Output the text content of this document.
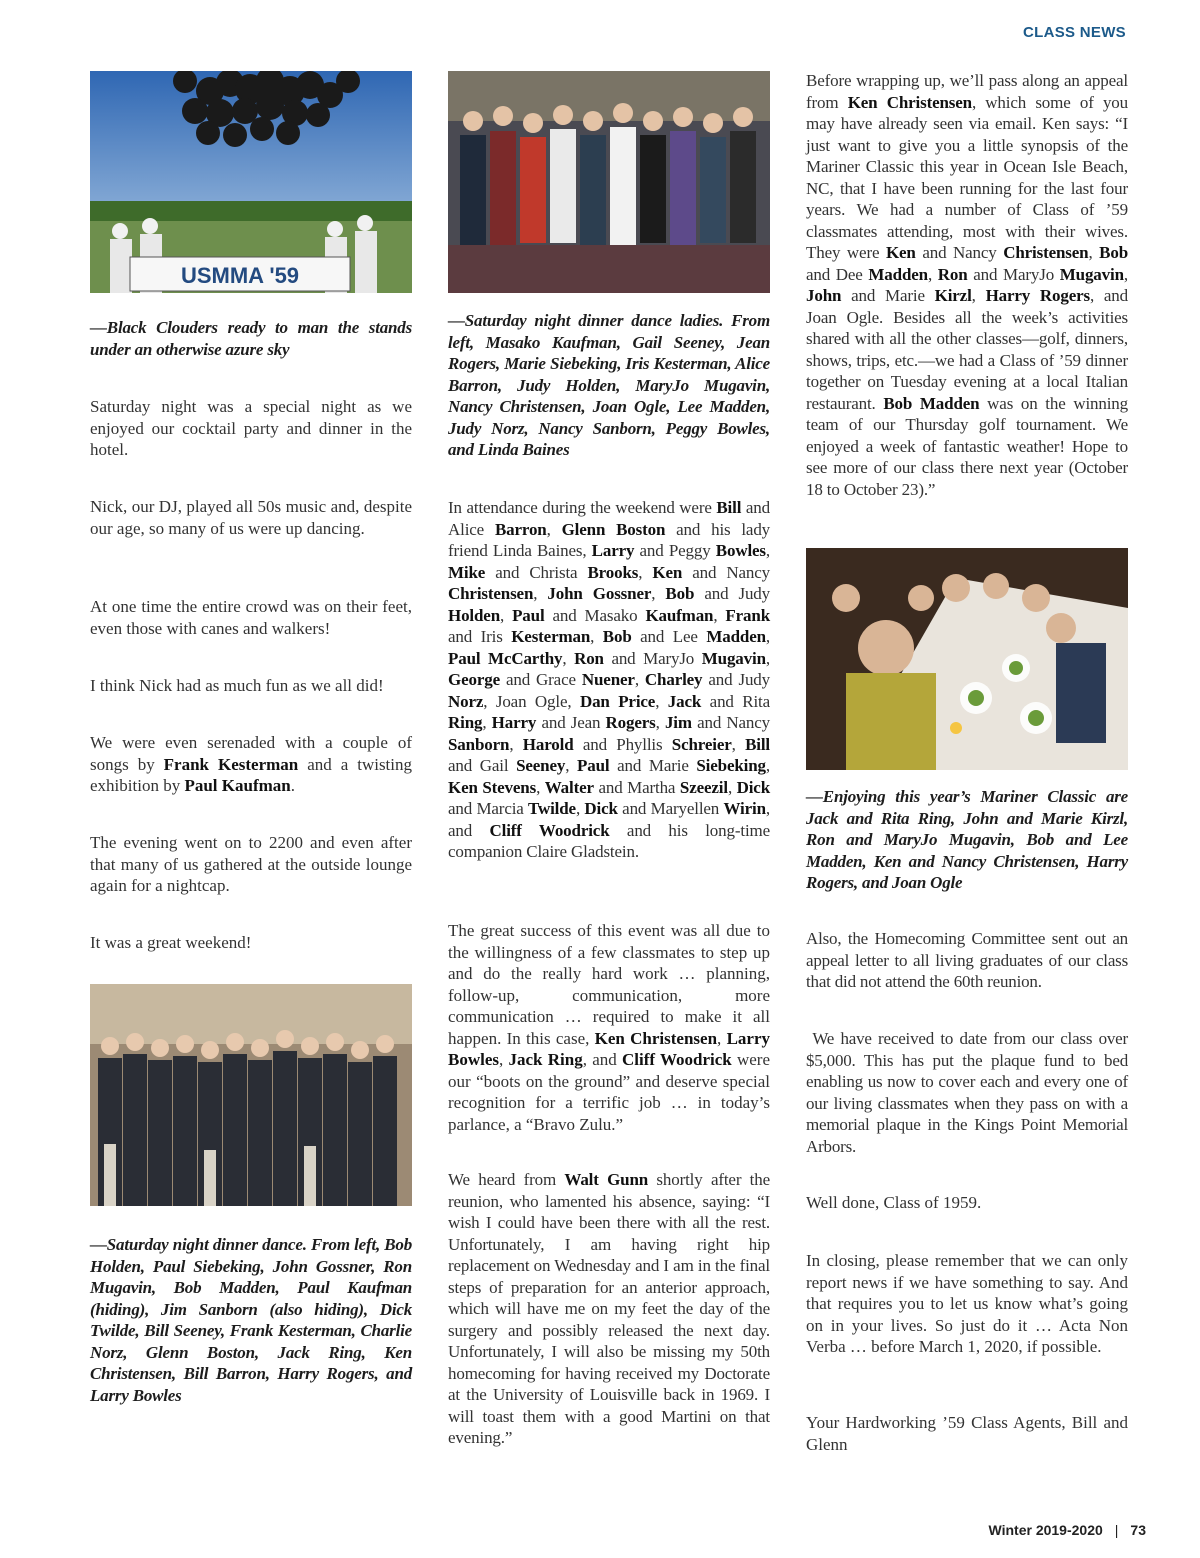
CLASS NEWS
USMMA '59
—Black Clouders ready to man the stands under an otherwise azure sky
Saturday night was a special night as we enjoyed our cocktail party and dinner in the hotel.
Nick, our DJ, played all 50s music and, despite our age, so many of us were up dancing.
At one time the entire crowd was on their feet, even those with canes and walkers!
I think Nick had as much fun as we all did!
We were even serenaded with a couple of songs by Frank Kesterman and a twisting exhibition by Paul Kaufman.
The evening went on to 2200 and even after that many of us gathered at the outside lounge again for a nightcap.
It was a great weekend!
—Saturday night dinner dance. From left, Bob Holden, Paul Siebeking, John Gossner, Ron Mugavin, Bob Madden, Paul Kaufman (hiding), Jim Sanborn (also hiding), Dick Twilde, Bill Seeney, Frank Kesterman, Charlie Norz, Glenn Boston, Jack Ring, Ken Christensen, Bill Barron, Harry Rogers, and Larry Bowles
—Saturday night dinner dance ladies. From left, Masako Kaufman, Gail Seeney, Jean Rogers, Marie Siebeking, Iris Kesterman, Alice Barron, Judy Holden, MaryJo Mugavin, Nancy Christensen, Joan Ogle, Lee Madden, Judy Norz, Nancy Sanborn, Peggy Bowles, and Linda Baines
In attendance during the weekend were Bill and Alice Barron, Glenn Boston and his lady friend Linda Baines, Larry and Peggy Bowles, Mike and Christa Brooks, Ken and Nancy Christensen, John Gossner, Bob and Judy Holden, Paul and Masako Kaufman, Frank and Iris Kesterman, Bob and Lee Madden, Paul McCarthy, Ron and MaryJo Mugavin, George and Grace Nuener, Charley and Judy Norz, Joan Ogle, Dan Price, Jack and Rita Ring, Harry and Jean Rogers, Jim and Nancy Sanborn, Harold and Phyllis Schreier, Bill and Gail Seeney, Paul and Marie Siebeking, Ken Stevens, Walter and Martha Szeezil, Dick and Marcia Twilde, Dick and Maryellen Wirin, and Cliff Woodrick and his long-time companion Claire Gladstein.
The great success of this event was all due to the willingness of a few classmates to step up and do the really hard work … planning, follow-up, communication, more communication … required to make it all happen. In this case, Ken Christensen, Larry Bowles, Jack Ring, and Cliff Woodrick were our “boots on the ground” and deserve special recognition for a terrific job … in today’s parlance, a “Bravo Zulu.”
We heard from Walt Gunn shortly after the reunion, who lamented his absence, saying: “I wish I could have been there with all the rest. Unfortunately, I am having right hip replacement on Wednesday and I am in the final steps of preparation for an anterior approach, which will have me on my feet the day of the surgery and possibly released the next day. Unfortunately, I will also be missing my 50th homecoming for having received my Doctorate at the University of Louisville back in 1969. I will toast them with a good Martini on that evening.”
Before wrapping up, we’ll pass along an appeal from Ken Christensen, which some of you may have already seen via email. Ken says: “I just want to give you a little synopsis of the Mariner Classic this year in Ocean Isle Beach, NC, that I have been running for the last four years. We had a number of Class of ’59 classmates attending, most with their wives. They were Ken and Nancy Christensen, Bob and Dee Madden, Ron and MaryJo Mugavin, John and Marie Kirzl, Harry Rogers, and Joan Ogle. Besides all the week’s activities shared with all the other classes—golf, dinners, shows, trips, etc.—we had a Class of ’59 dinner together on Tuesday evening at a local Italian restaurant. Bob Madden was on the winning team of our Thursday golf tournament. We enjoyed a week of fantastic weather! Hope to see more of our class there next year (October 18 to October 23).”
—Enjoying this year’s Mariner Classic are Jack and Rita Ring, John and Marie Kirzl, Ron and MaryJo Mugavin, Bob and Lee Madden, Ken and Nancy Christensen, Harry Rogers, and Joan Ogle
Also, the Homecoming Committee sent out an appeal letter to all living graduates of our class that did not attend the 60th reunion.
We have received to date from our class over $5,000. This has put the plaque fund to bed enabling us now to cover each and every one of our living classmates when they pass on with a memorial plaque in the Kings Point Memorial Arbors.
Well done, Class of 1959.
In closing, please remember that we can only report news if we have something to say. And that requires you to let us know what’s going on in your lives. So just do it … Acta Non Verba … before March 1, 2020, if possible.
Your Hardworking ’59 Class Agents, Bill and Glenn
Winter 2019-2020 | 73
